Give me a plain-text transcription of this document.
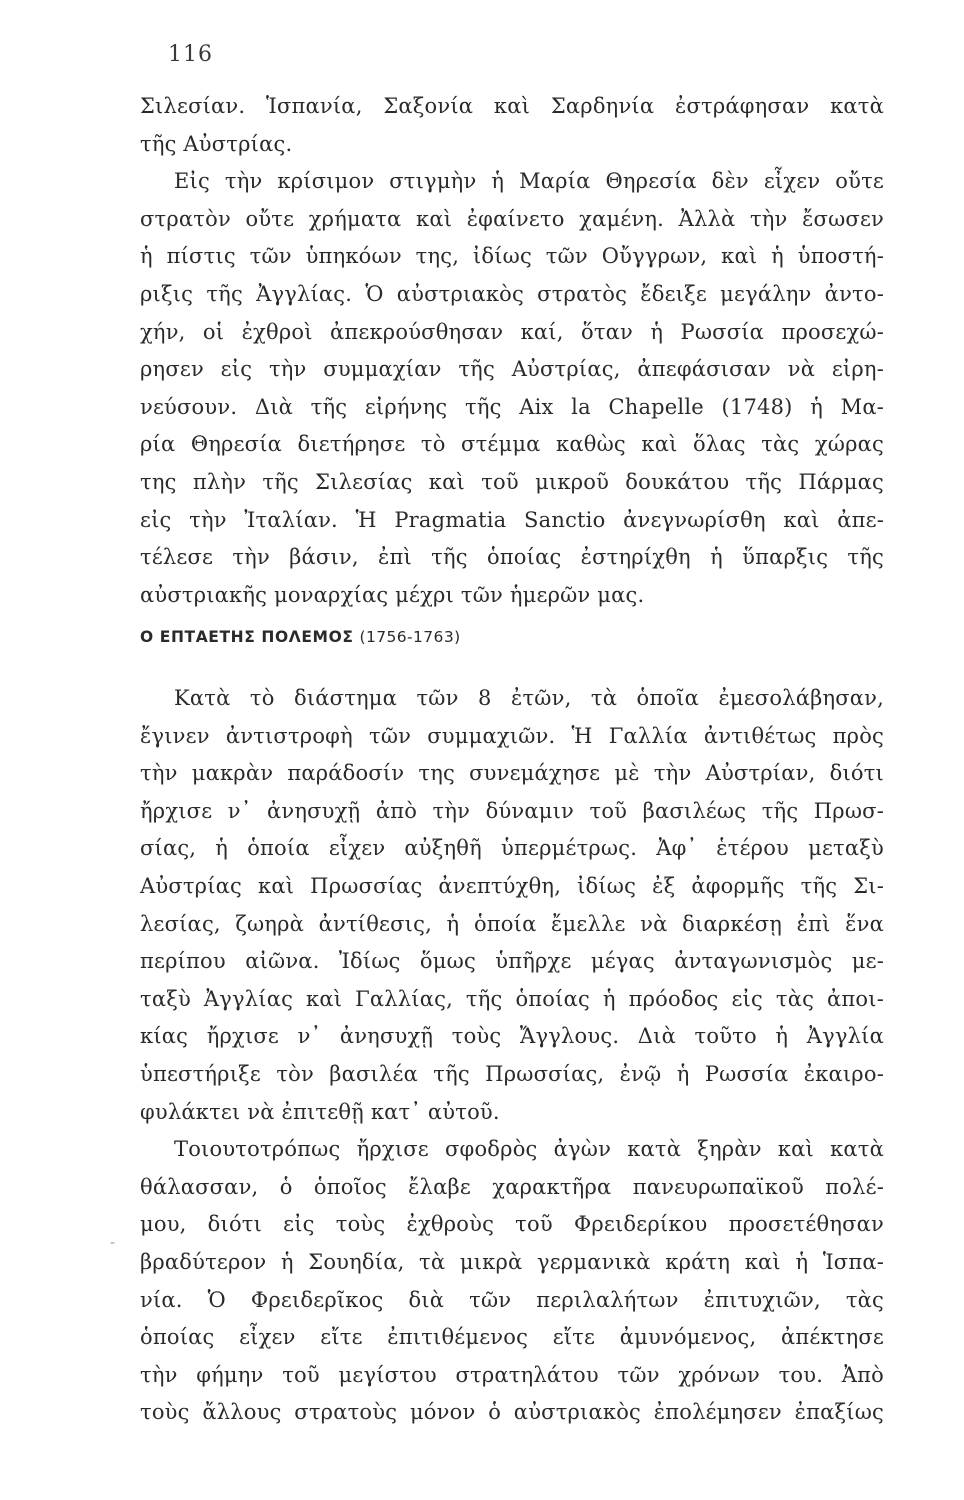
116
Σιλεσίαν. Ἱσπανία, Σαξονία καὶ Σαρδηνία ἐστράφησαν κατὰ
τῆς Αὐστρίας.
Εἰς τὴν κρίσιμον στιγμὴν ἡ Μαρία Θηρεσία δὲν εἶχεν οὔτε
στρατὸν οὔτε χρήματα καὶ ἐφαίνετο χαμένη. Ἀλλὰ τὴν ἔσωσεν
ἡ πίστις τῶν ὑπηκόων της, ἰδίως τῶν Οὔγγρων, καὶ ἡ ὑποστή-
ριξις τῆς Ἀγγλίας. Ὁ αὐστριακὸς στρατὸς ἔδειξε μεγάλην ἀντο-
χήν, οἱ ἐχθροὶ ἀπεκρούσθησαν καί, ὅταν ἡ Ρωσσία προσεχώ-
ρησεν εἰς τὴν συμμαχίαν τῆς Αὐστρίας, ἀπεφάσισαν νὰ εἰρη-
νεύσουν. Διὰ τῆς εἰρήνης τῆς Aix la Chapelle (1748) ἡ Μα-
ρία Θηρεσία διετήρησε τὸ στέμμα καθὼς καὶ ὅλας τὰς χώρας
της πλὴν τῆς Σιλεσίας καὶ τοῦ μικροῦ δουκάτου τῆς Πάρμας
εἰς τὴν Ἰταλίαν. Ἡ Pragmatia Sanctio ἀνεγνωρίσθη καὶ ἀπε-
τέλεσε τὴν βάσιν, ἐπὶ τῆς ὁποίας ἐστηρίχθη ἡ ὕπαρξις τῆς
αὐστριακῆς μοναρχίας μέχρι τῶν ἡμερῶν μας.
Ο ΕΠΤΑΕΤΗΣ ΠΟΛΕΜΟΣ (1756-1763)
Κατὰ τὸ διάστημα τῶν 8 ἐτῶν, τὰ ὁποῖα ἐμεσολάβησαν,
ἔγινεν ἀντιστροφὴ τῶν συμμαχιῶν. Ἡ Γαλλία ἀντιθέτως πρὸς
τὴν μακρὰν παράδοσίν της συνεμάχησε μὲ τὴν Αὐστρίαν, διότι
ἤρχισε ν᾿ ἀνησυχῇ ἀπὸ τὴν δύναμιν τοῦ βασιλέως τῆς Πρωσ-
σίας, ἡ ὁποία εἶχεν αὐξηθῆ ὑπερμέτρως. Ἀφ᾿ ἑτέρου μεταξὺ
Αὐστρίας καὶ Πρωσσίας ἀνεπτύχθη, ἰδίως ἐξ ἀφορμῆς τῆς Σι-
λεσίας, ζωηρὰ ἀντίθεσις, ἡ ὁποία ἔμελλε νὰ διαρκέσῃ ἐπὶ ἕνα
περίπου αἰῶνα. Ἰδίως ὅμως ὑπῆρχε μέγας ἀνταγωνισμὸς με-
ταξὺ Ἀγγλίας καὶ Γαλλίας, τῆς ὁποίας ἡ πρόοδος εἰς τὰς ἀποι-
κίας ἤρχισε ν᾿ ἀνησυχῇ τοὺς Ἄγγλους. Διὰ τοῦτο ἡ Ἀγγλία
ὑπεστήριξε τὸν βασιλέα τῆς Πρωσσίας, ἐνῷ ἡ Ρωσσία ἐκαιρο-
φυλάκτει νὰ ἐπιτεθῇ κατ᾿ αὐτοῦ.
Τοιουτοτρόπως ἤρχισε σφοδρὸς ἀγὼν κατὰ ξηρὰν καὶ κατὰ
θάλασσαν, ὁ ὁποῖος ἔλαβε χαρακτῆρα πανευρωπαϊκοῦ πολέ-
μου, διότι εἰς τοὺς ἐχθροὺς τοῦ Φρειδερίκου προσετέθησαν
βραδύτερον ἡ Σουηδία, τὰ μικρὰ γερμανικὰ κράτη καὶ ἡ Ἱσπα-
νία. Ὁ Φρειδερῖκος διὰ τῶν περιλαλήτων ἐπιτυχιῶν, τὰς
ὁποίας εἶχεν εἴτε ἐπιτιθέμενος εἴτε ἀμυνόμενος, ἀπέκτησε
τὴν φήμην τοῦ μεγίστου στρατηλάτου τῶν χρόνων του. Ἀπὸ
τοὺς ἄλλους στρατοὺς μόνον ὁ αὐστριακὸς ἐπολέμησεν ἐπαξίως
-
